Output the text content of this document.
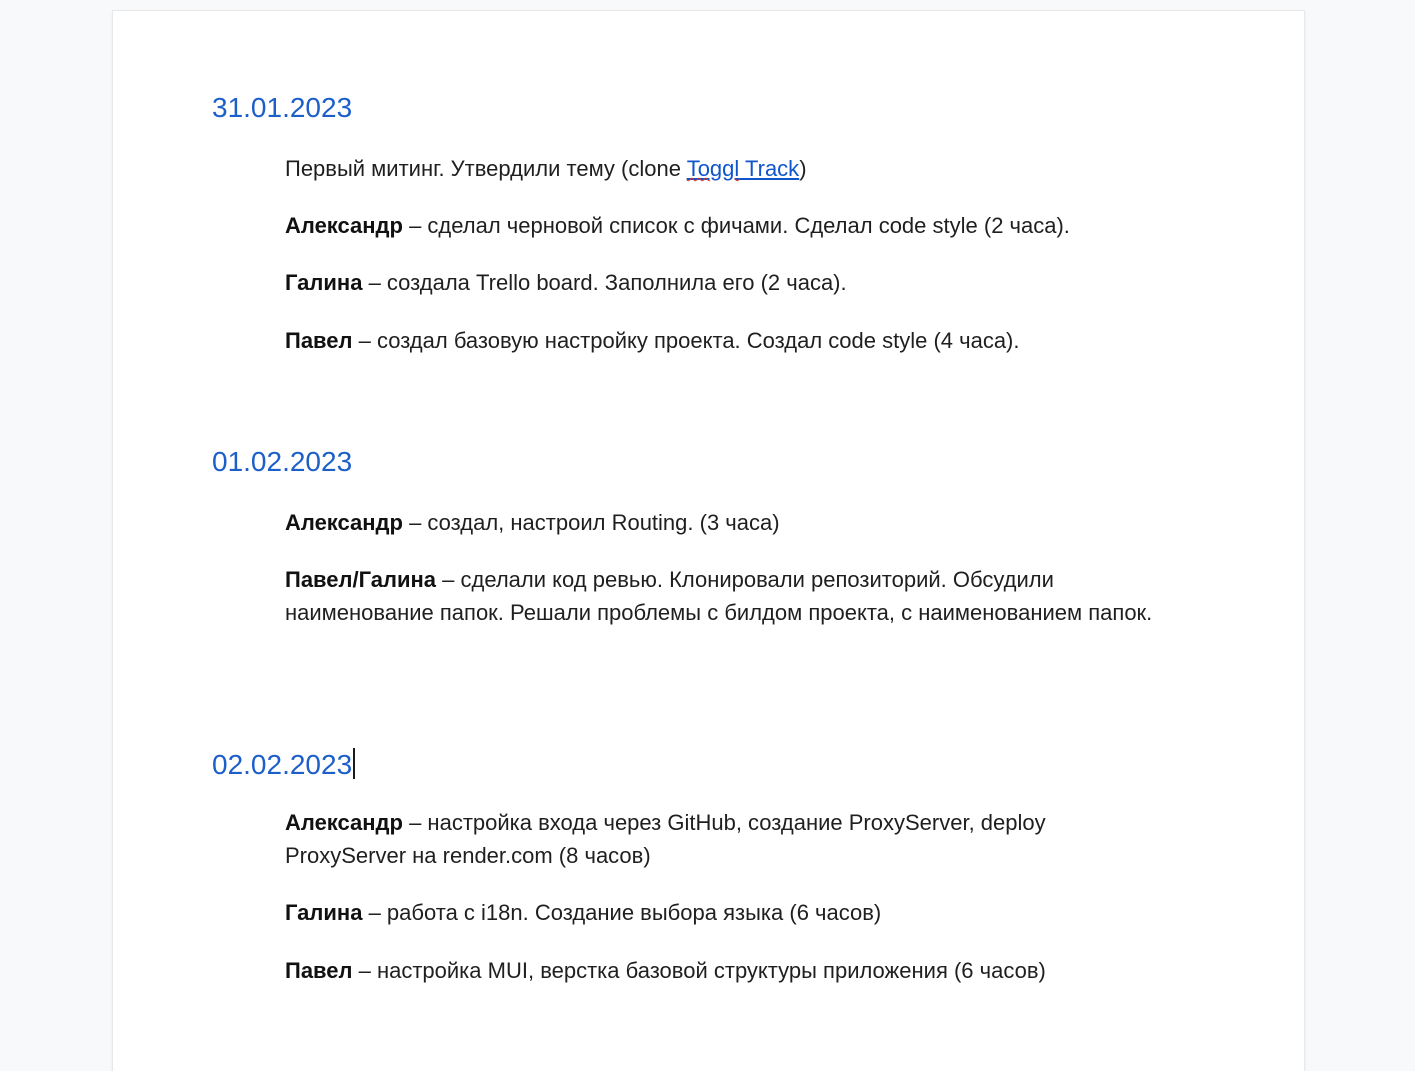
31.01.2023

Первый митинг. Утвердили тему (clone Toggl Track)

Александр – сделал черновой список с фичами. Сделал code style (2 часа).

Галина – создала Trello board. Заполнила его (2 часа).

Павел – создал базовую настройку проекта. Создал code style (4 часа).

01.02.2023

Александр – создал, настроил Routing. (3 часа)

Павел/Галина – сделали код ревью. Клонировали репозиторий. Обсудили наименование папок. Решали проблемы с билдом проекта, с наименованием папок.

02.02.2023

Александр – настройка входа через GitHub, создание ProxyServer, deploy ProxyServer на render.com (8 часов)

Галина – работа с i18n. Создание выбора языка (6 часов)

Павел – настройка MUI, верстка базовой структуры приложения (6 часов)
